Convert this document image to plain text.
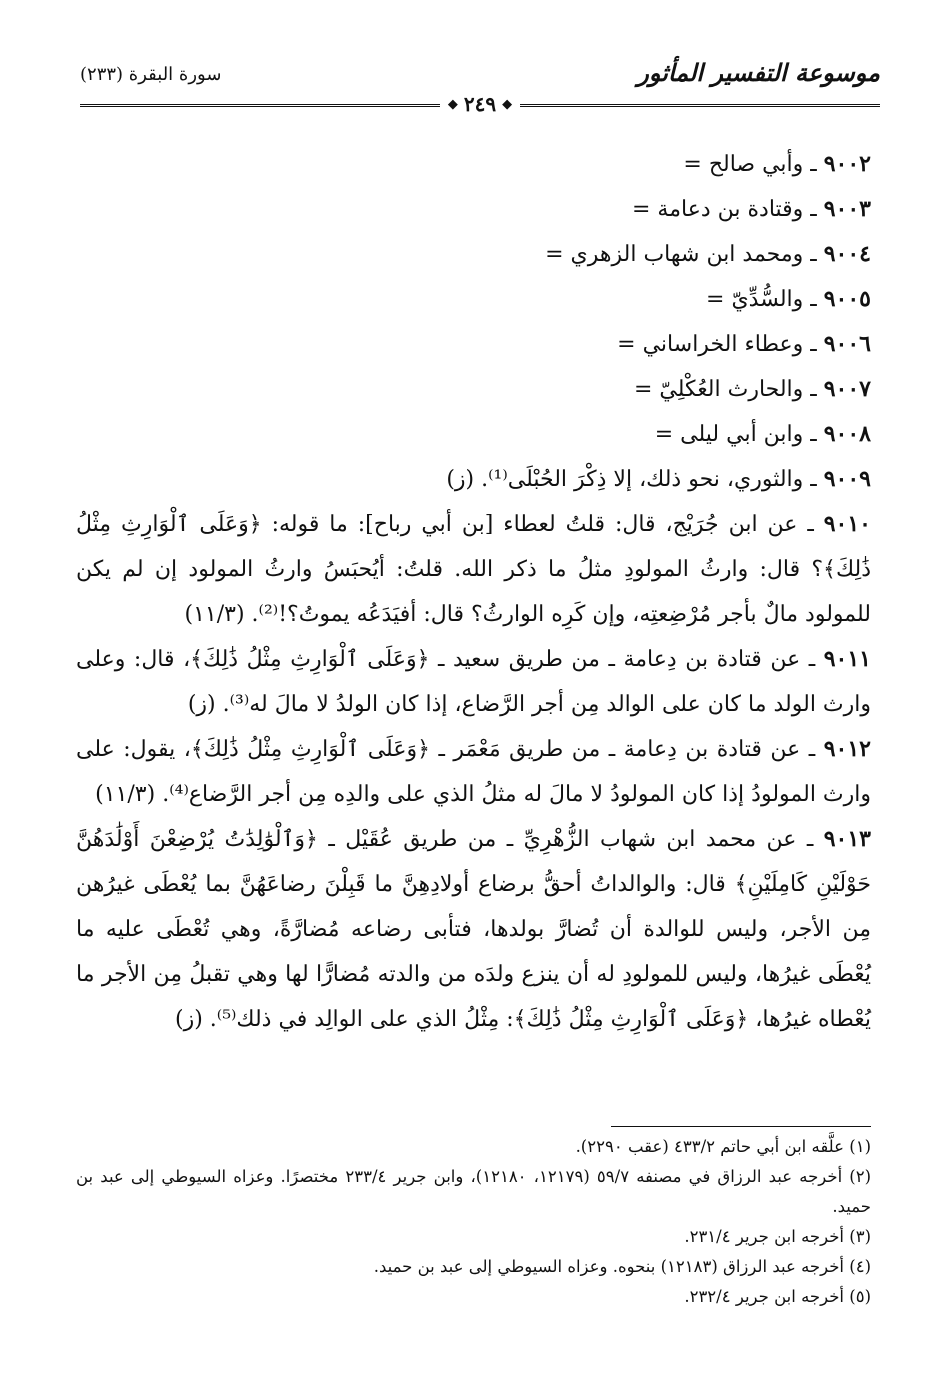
موسوعة التفسير المأثور
◆
٢٤٩
◆
سورة البقرة (٢٣٣)

٩٠٠٢ ـ وأبي صالح =

٩٠٠٣ ـ وقتادة بن دعامة =

٩٠٠٤ ـ ومحمد ابن شهاب الزهري =

٩٠٠٥ ـ والسُّدِّيّ =

٩٠٠٦ ـ وعطاء الخراساني =

٩٠٠٧ ـ والحارث العُكْلِيّ =

٩٠٠٨ ـ وابن أبي ليلى =

٩٠٠٩ ـ والثوري، نحو ذلك، إلا ذِكْرَ الحُبْلَى⁽¹⁾. (ز)

٩٠١٠ ـ عن ابن جُرَيْج، قال: قلتُ لعطاء [بن أبي رباح]: ما قوله: ﴿وَعَلَى ٱلْوَارِثِ مِثْلُ ذَٰلِكَ﴾؟ قال: وارثُ المولودِ مثلُ ما ذكر الله. قلتُ: أيُحبَسُ وارثُ المولود إن لم يكن للمولود مالٌ بأجر مُرْضِعتِه، وإن كَرِه الوارثُ؟ قال: أفيَدَعُه يموتُ؟!⁽²⁾. (١١/٣)

٩٠١١ ـ عن قتادة بن دِعامة ـ من طريق سعيد ـ ﴿وَعَلَى ٱلْوَارِثِ مِثْلُ ذَٰلِكَ﴾، قال: وعلى وارث الولد ما كان على الوالد مِن أجر الرَّضاع، إذا كان الولدُ لا مالَ له⁽³⁾. (ز)

٩٠١٢ ـ عن قتادة بن دِعامة ـ من طريق مَعْمَر ـ ﴿وَعَلَى ٱلْوَارِثِ مِثْلُ ذَٰلِكَ﴾، يقول: على وارث المولودُ إذا كان المولودُ لا مالَ له مثلُ الذي على والدِه مِن أجر الرَّضاع⁽⁴⁾. (١١/٣)

٩٠١٣ ـ عن محمد ابن شهاب الزُّهْرِيِّ ـ من طريق عُقَيْل ـ ﴿وَٱلْوَٰلِدَٰتُ يُرْضِعْنَ أَوْلَٰدَهُنَّ حَوْلَيْنِ كَامِلَيْنِ﴾ قال: والوالداتُ أحقُّ برضاع أولادِهِنَّ ما قَبِلْنَ رضاعَهُنَّ بما يُعْطَى غيرُهن مِن الأجر، وليس للوالدة أن تُضارَّ بولدها، فتأبى رضاعه مُضارَّةً، وهي تُعْطَى عليه ما يُعْطَى غيرُها، وليس للمولودِ له أن ينزع ولدَه من والدته مُضارًّا لها وهي تقبلُ مِن الأجر ما يُعْطاه غيرُها، ﴿وَعَلَى ٱلْوَارِثِ مِثْلُ ذَٰلِكَ﴾: مِثْلُ الذي على الوالِد في ذلك⁽⁵⁾. (ز)

(١) علَّقه ابن أبي حاتم ٤٣٣/٢ (عقب ٢٢٩٠).

(٢) أخرجه عبد الرزاق في مصنفه ٥٩/٧ (١٢١٧٩، ١٢١٨٠)، وابن جرير ٢٣٣/٤ مختصرًا. وعزاه السيوطي إلى عبد بن حميد.

(٣) أخرجه ابن جرير ٢٣١/٤.

(٤) أخرجه عبد الرزاق (١٢١٨٣) بنحوه. وعزاه السيوطي إلى عبد بن حميد.

(٥) أخرجه ابن جرير ٢٣٢/٤.
